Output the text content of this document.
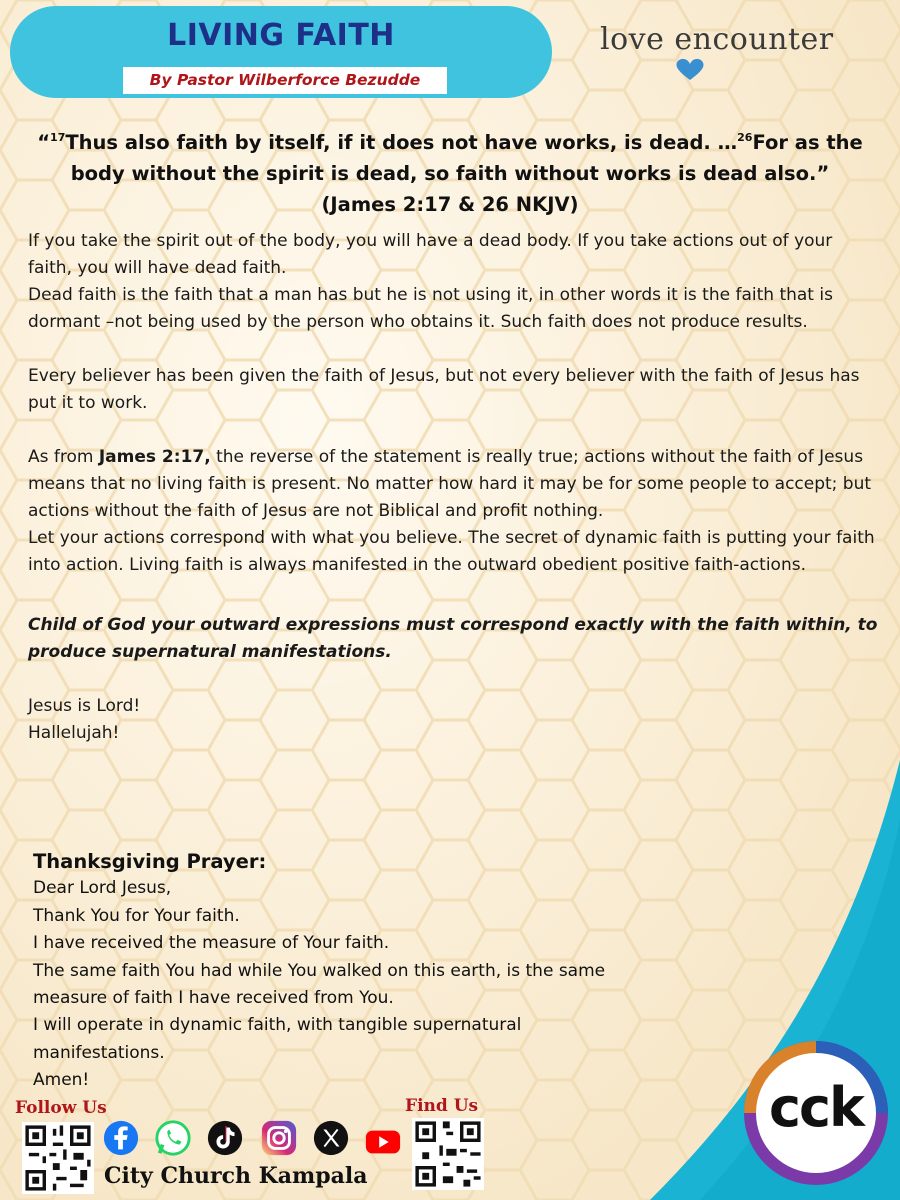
LIVING FAITH
By Pastor Wilberforce Bezudde
love encounter
“$^{17}$Thus also faith by itself, if it does not have works, is dead. …$^{26}$For as the
body without the spirit is dead, so faith without works is dead also.”
(James 2:17 & 26 NKJV)

If you take the spirit out of the body, you will have a dead body. If you take actions out of your faith, you will have dead faith.

Dead faith is the faith that a man has but he is not using it, in other words it is the faith that is dormant –not being used by the person who obtains it. Such faith does not produce results.

Every believer has been given the faith of Jesus, but not every believer with the faith of Jesus has put it to work.

As from James 2:17, the reverse of the statement is really true; actions without the faith of Jesus means that no living faith is present. No matter how hard it may be for some people to accept; but actions without the faith of Jesus are not Biblical and profit nothing.

Let your actions correspond with what you believe. The secret of dynamic faith is putting your faith into action. Living faith is always manifested in the outward obedient positive faith-actions.

Child of God your outward expressions must correspond exactly with the faith within, to produce supernatural manifestations.

Jesus is Lord!

Hallelujah!

Thanksgiving Prayer:

Dear Lord Jesus,

Thank You for Your faith.

I have received the measure of Your faith.

The same faith You had while You walked on this earth, is the same

measure of faith I have received from You.

I will operate in dynamic faith, with tangible supernatural

manifestations.

Amen!

Follow Us	Find Us
City Church Kampala
cck
